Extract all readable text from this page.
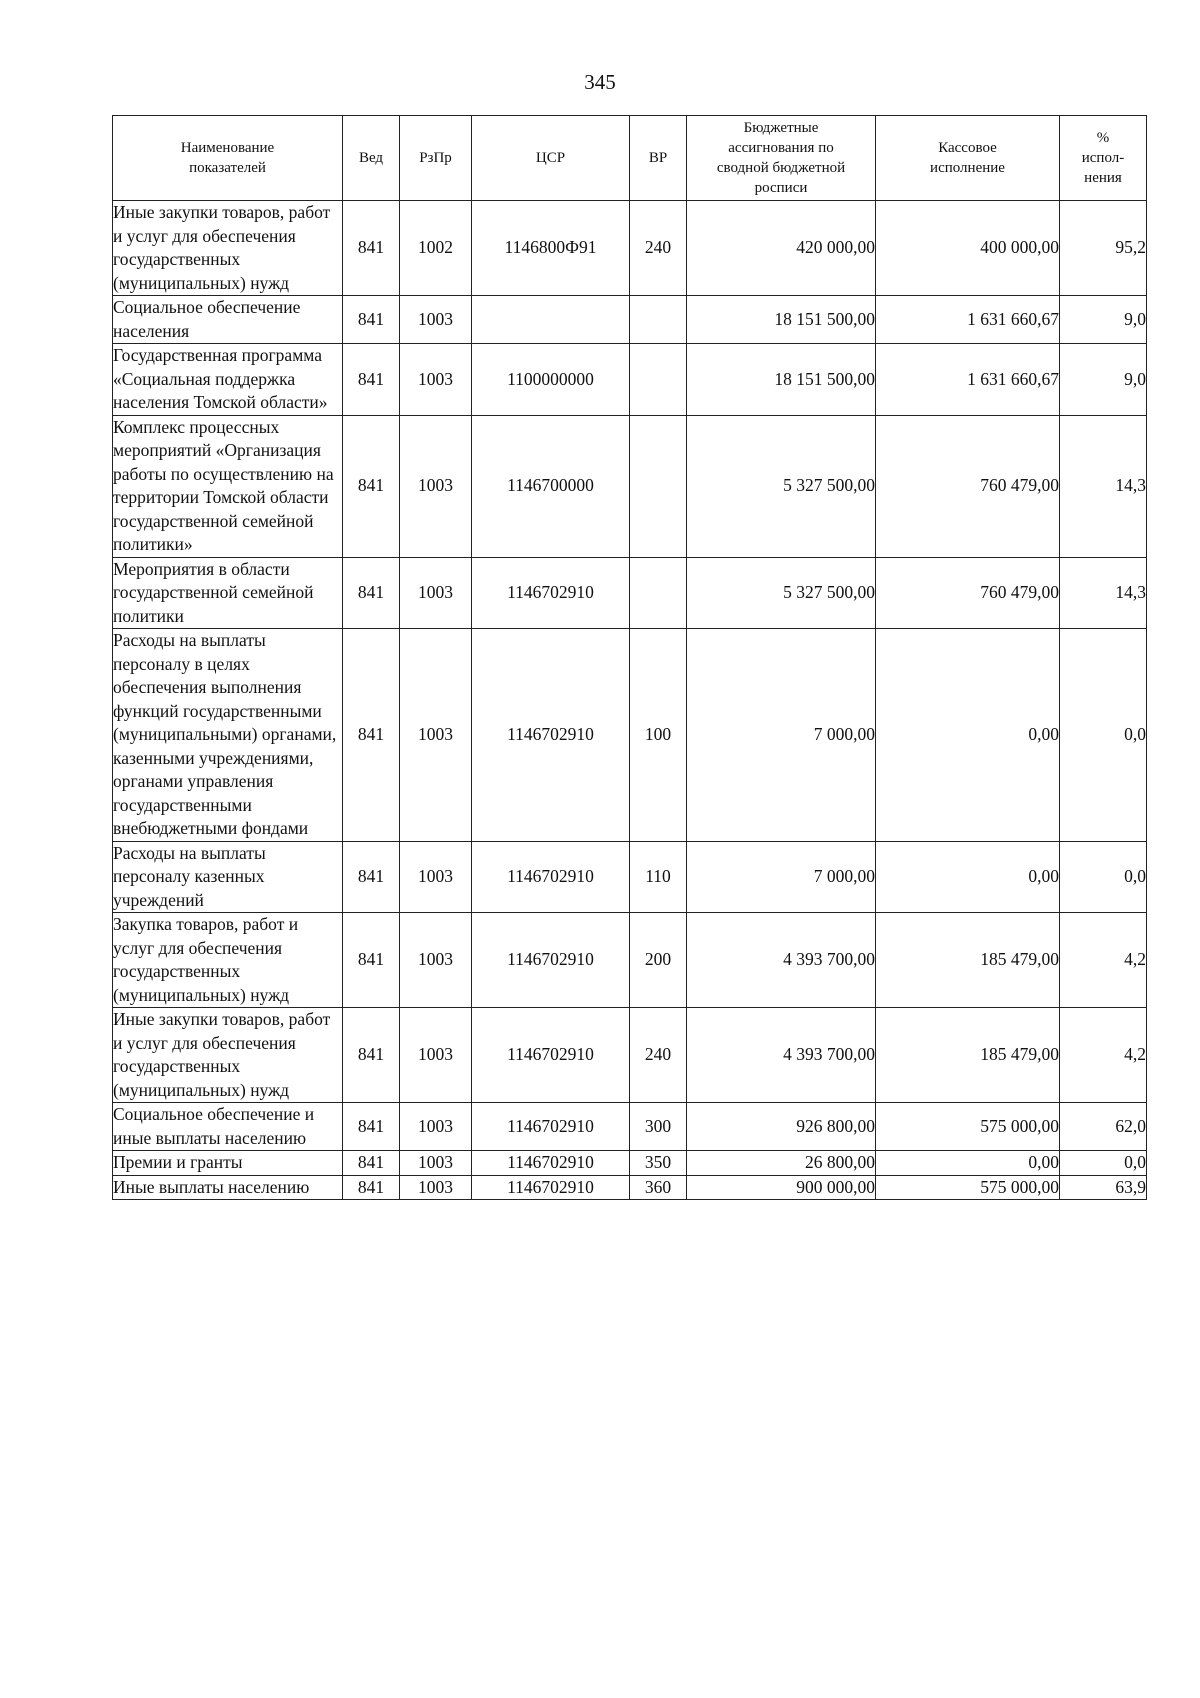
345
Наименование показателей	Вед	РзПр	ЦСР	ВР	Бюджетные ассигнования по сводной бюджетной росписи	Кассовое исполнение	% испол-нения
Иные закупки товаров, работ и услуг для обеспечения государственных (муниципальных) нужд	841	1002	1146800Ф91	240	420 000,00	400 000,00	95,2
Социальное обеспечение населения	841	1003			18 151 500,00	1 631 660,67	9,0
Государственная программа «Социальная поддержка населения Томской области»	841	1003	1100000000		18 151 500,00	1 631 660,67	9,0
Комплекс процессных мероприятий «Организация работы по осуществлению на территории Томской области государственной семейной политики»	841	1003	1146700000		5 327 500,00	760 479,00	14,3
Мероприятия в области государственной семейной политики	841	1003	1146702910		5 327 500,00	760 479,00	14,3
Расходы на выплаты персоналу в целях обеспечения выполнения функций государственными (муниципальными) органами, казенными учреждениями, органами управления государственными внебюджетными фондами	841	1003	1146702910	100	7 000,00	0,00	0,0
Расходы на выплаты персоналу казенных учреждений	841	1003	1146702910	110	7 000,00	0,00	0,0
Закупка товаров, работ и услуг для обеспечения государственных (муниципальных) нужд	841	1003	1146702910	200	4 393 700,00	185 479,00	4,2
Иные закупки товаров, работ и услуг для обеспечения государственных (муниципальных) нужд	841	1003	1146702910	240	4 393 700,00	185 479,00	4,2
Социальное обеспечение и иные выплаты населению	841	1003	1146702910	300	926 800,00	575 000,00	62,0
Премии и гранты	841	1003	1146702910	350	26 800,00	0,00	0,0
Иные выплаты населению	841	1003	1146702910	360	900 000,00	575 000,00	63,9
